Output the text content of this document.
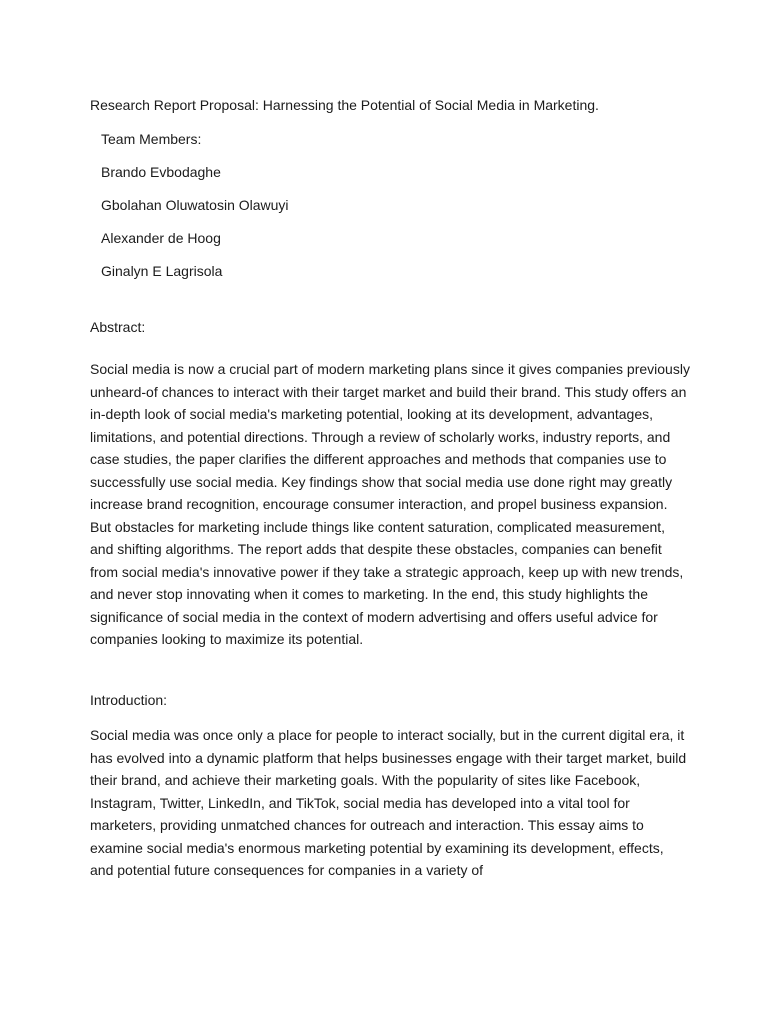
Research Report Proposal: Harnessing the Potential of Social Media in Marketing.

Team Members:

Brando Evbodaghe

Gbolahan Oluwatosin Olawuyi

Alexander de Hoog

Ginalyn E Lagrisola

Abstract:

Social media is now a crucial part of modern marketing plans since it gives companies previously unheard-of chances to interact with their target market and build their brand. This study offers an in-depth look of social media's marketing potential, looking at its development, advantages, limitations, and potential directions. Through a review of scholarly works, industry reports, and case studies, the paper clarifies the different approaches and methods that companies use to successfully use social media. Key findings show that social media use done right may greatly increase brand recognition, encourage consumer interaction, and propel business expansion. But obstacles for marketing include things like content saturation, complicated measurement, and shifting algorithms. The report adds that despite these obstacles, companies can benefit from social media's innovative power if they take a strategic approach, keep up with new trends, and never stop innovating when it comes to marketing. In the end, this study highlights the significance of social media in the context of modern advertising and offers useful advice for companies looking to maximize its potential.

Introduction:

Social media was once only a place for people to interact socially, but in the current digital era, it has evolved into a dynamic platform that helps businesses engage with their target market, build their brand, and achieve their marketing goals. With the popularity of sites like Facebook, Instagram, Twitter, LinkedIn, and TikTok, social media has developed into a vital tool for marketers, providing unmatched chances for outreach and interaction. This essay aims to examine social media's enormous marketing potential by examining its development, effects, and potential future consequences for companies in a variety of
